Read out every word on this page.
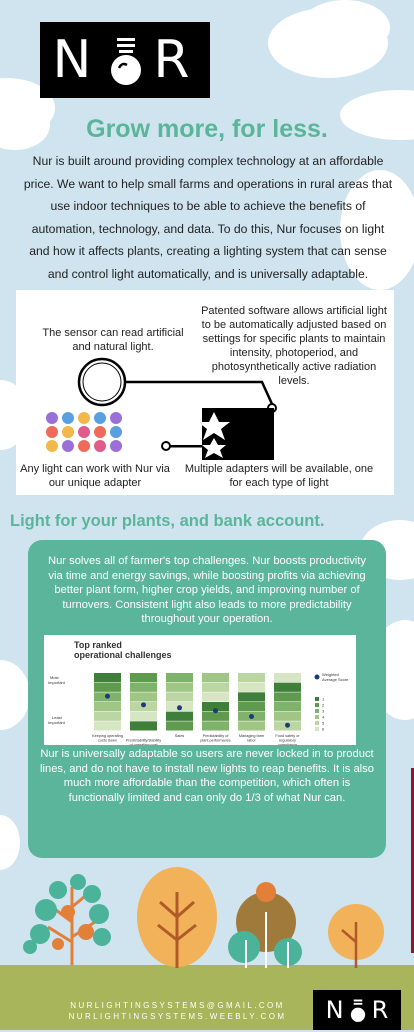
N R
Grow more, for less.
Nur is built around providing complex technology at an affordable price. We want to help small farms and operations in rural areas that use indoor techniques to be able to achieve the benefits of automation, technology, and data. To do this, Nur focuses on light and how it affects plants, creating a lighting system that can sense and control light automatically, and is universally adaptable.
The sensor can read artificial and natural light.
Patented software allows artificial light to be automatically adjusted based on settings for specific plants to maintain intensity, photoperiod, and photosynthetically active radiation levels.
Any light can work with Nur via our unique adapter
Multiple adapters will be available, one for each type of light
Light for your plants, and bank account.
Nur solves all of farmer's top challenges. Nur boosts productivity via time and energy savings, while boosting profits via achieving better plant form, higher crop yields, and improving number of turnovers. Consistent light also leads to more predictability throughout your operation.
Nur is universally adaptable so users are never locked in to product lines, and do not have to install new lights to reap benefits. It is also much more affordable than the competition, which often is functionally limited and can only do 1/3 of what Nur can.
Top ranked
operational challenges
Most
Important
Least
Important
Keeping operating
costs down Predictability/stability
of operating cost
Sales	Predictability of
plant performance
Managing farm
labor
Food safety or
regulatory
compliance
Weighted
Average Score
1
2
3
4
5
6
NURLIGHTINGSYSTEMS@GMAIL.COM
NURLIGHTINGSYSTEMS.WEEBLY.COM	N R
